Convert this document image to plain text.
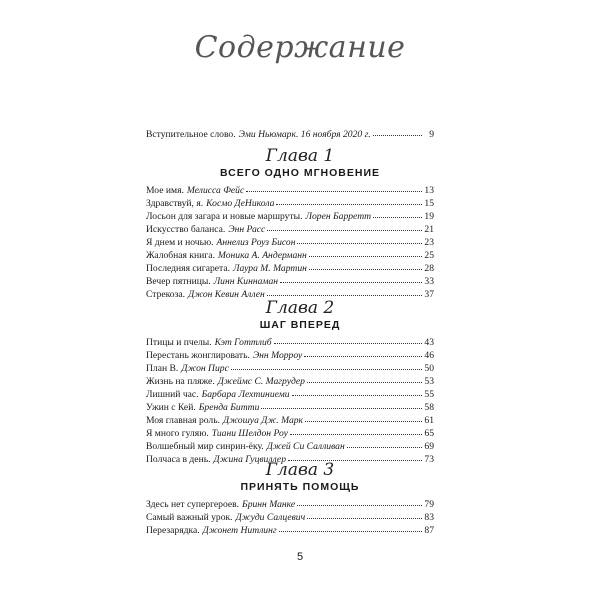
Содержание
Вступительное слово. Эми Ньюмарк. 16 ноября 2020 г.	9
Глава 1
ВСЕГО ОДНО МГНОВЕНИЕ
Мое имя. Мелисса Фейс	13
Здравствуй, я. Космо ДеНикола	15
Лосьон для загара и новые маршруты. Лорен Барретт	19
Искусство баланса. Энн Расс	21
Я днем и ночью. Аннелиз Роуз Бисон	23
Жалобная книга. Моника А. Андерманн	25
Последняя сигарета. Лаура М. Мартин	28
Вечер пятницы. Линн Киннаман	33
Стрекоза. Джон Кевин Аллен	37
Глава 2
ШАГ ВПЕРЕД
Птицы и пчелы. Кэт Готтлиб	43
Перестань жонглировать. Энн Морроу	46
План В. Джон Пирс	50
Жизнь на пляже. Джеймс С. Магрудер	53
Лишний час. Барбара Лехтиниеми	55
Ужин с Кей. Бренда Битти	58
Моя главная роль. Джошуа Дж. Марк	61
Я много гуляю. Тиани Шелдон Роу	65
Волшебный мир синрин-ёку. Джей Си Салливан	69
Полчаса в день. Джина Гуцвиллер	73
Глава 3
ПРИНЯТЬ ПОМОЩЬ
Здесь нет супергероев. Бринн Манке	79
Самый важный урок. Джуди Салцевич	83
Перезарядка. Джонет Нитлинг	87
5
